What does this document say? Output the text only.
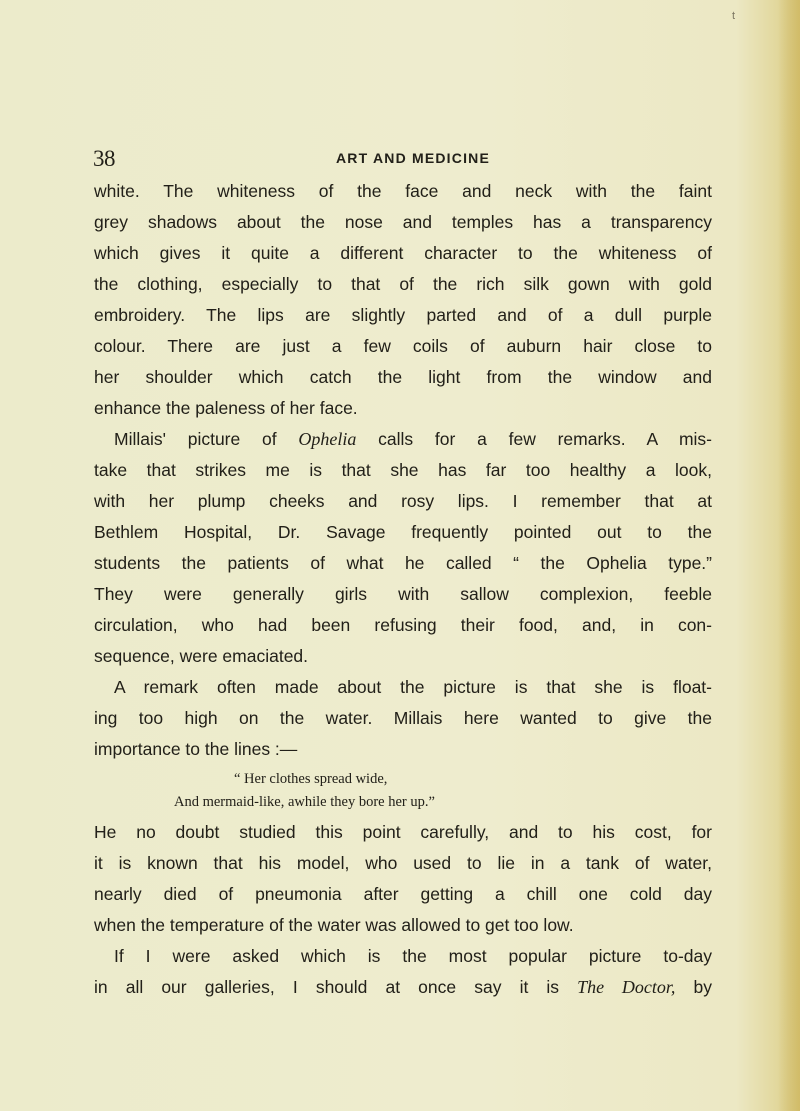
t
38	ART AND MEDICINE
white. The whiteness of the face and neck with the faint
grey shadows about the nose and temples has a transparency
which gives it quite a different character to the whiteness of
the clothing, especially to that of the rich silk gown with gold
embroidery. The lips are slightly parted and of a dull purple
colour. There are just a few coils of auburn hair close to
her shoulder which catch the light from the window and
enhance the paleness of her face.
Millais' picture of Ophelia calls for a few remarks. A mis-
take that strikes me is that she has far too healthy a look,
with her plump cheeks and rosy lips. I remember that at
Bethlem Hospital, Dr. Savage frequently pointed out to the
students the patients of what he called “ the Ophelia type.”
They were generally girls with sallow complexion, feeble
circulation, who had been refusing their food, and, in con-
sequence, were emaciated.
A remark often made about the picture is that she is float-
ing too high on the water. Millais here wanted to give the
importance to the lines :—
“ Her clothes spread wide,
And mermaid-like, awhile they bore her up.”
He no doubt studied this point carefully, and to his cost, for
it is known that his model, who used to lie in a tank of water,
nearly died of pneumonia after getting a chill one cold day
when the temperature of the water was allowed to get too low.
If I were asked which is the most popular picture to-day
in all our galleries, I should at once say it is The Doctor, by
